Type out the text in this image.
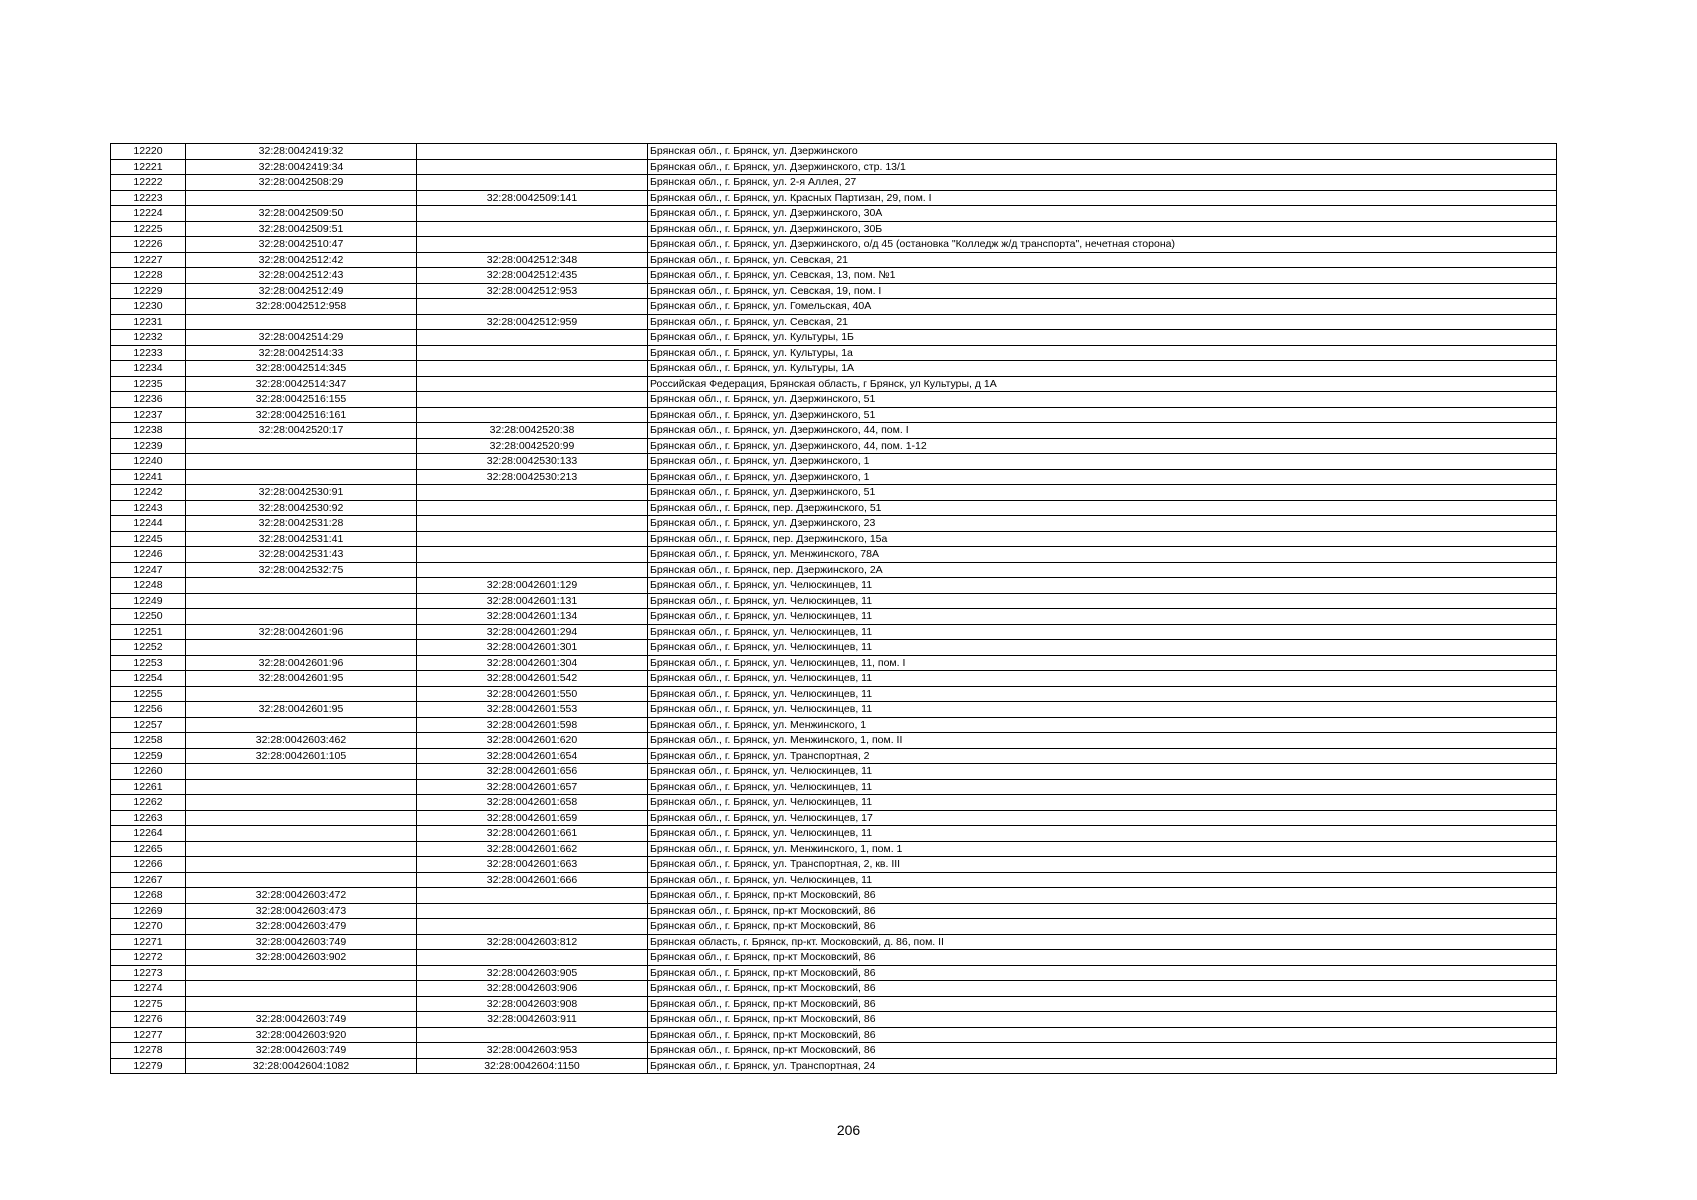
12220	32:28:0042419:32		Брянская обл., г. Брянск, ул. Дзержинского
12221	32:28:0042419:34		Брянская обл., г. Брянск, ул. Дзержинского, стр. 13/1
12222	32:28:0042508:29		Брянская обл., г. Брянск, ул. 2-я Аллея, 27
12223		32:28:0042509:141	Брянская обл., г. Брянск, ул. Красных Партизан, 29, пом. I
12224	32:28:0042509:50		Брянская обл., г. Брянск, ул. Дзержинского, 30А
12225	32:28:0042509:51		Брянская обл., г. Брянск, ул. Дзержинского, 30Б
12226	32:28:0042510:47		Брянская обл., г. Брянск, ул. Дзержинского, о/д 45 (остановка "Колледж ж/д транспорта", нечетная сторона)
12227	32:28:0042512:42	32:28:0042512:348	Брянская обл., г. Брянск, ул. Севская, 21
12228	32:28:0042512:43	32:28:0042512:435	Брянская обл., г. Брянск, ул. Севская, 13, пом. №1
12229	32:28:0042512:49	32:28:0042512:953	Брянская обл., г. Брянск, ул. Севская, 19, пом. I
12230	32:28:0042512:958		Брянская обл., г. Брянск, ул. Гомельская, 40А
12231		32:28:0042512:959	Брянская обл., г. Брянск, ул. Севская, 21
12232	32:28:0042514:29		Брянская обл., г. Брянск, ул. Культуры, 1Б
12233	32:28:0042514:33		Брянская обл., г. Брянск, ул. Культуры, 1а
12234	32:28:0042514:345		Брянская обл., г. Брянск, ул. Культуры, 1А
12235	32:28:0042514:347		Российская Федерация, Брянская область, г Брянск, ул Культуры, д 1А
12236	32:28:0042516:155		Брянская обл., г. Брянск, ул. Дзержинского, 51
12237	32:28:0042516:161		Брянская обл., г. Брянск, ул. Дзержинского, 51
12238	32:28:0042520:17	32:28:0042520:38	Брянская обл., г. Брянск, ул. Дзержинского, 44, пом. I
12239		32:28:0042520:99	Брянская обл., г. Брянск, ул. Дзержинского, 44, пом. 1-12
12240		32:28:0042530:133	Брянская обл., г. Брянск, ул. Дзержинского, 1
12241		32:28:0042530:213	Брянская обл., г. Брянск, ул. Дзержинского, 1
12242	32:28:0042530:91		Брянская обл., г. Брянск, ул. Дзержинского, 51
12243	32:28:0042530:92		Брянская обл., г. Брянск, пер. Дзержинского, 51
12244	32:28:0042531:28		Брянская обл., г. Брянск, ул. Дзержинского, 23
12245	32:28:0042531:41		Брянская обл., г. Брянск, пер. Дзержинского, 15а
12246	32:28:0042531:43		Брянская обл., г. Брянск, ул. Менжинского, 78А
12247	32:28:0042532:75		Брянская обл., г. Брянск, пер. Дзержинского, 2А
12248		32:28:0042601:129	Брянская обл., г. Брянск, ул. Челюскинцев, 11
12249		32:28:0042601:131	Брянская обл., г. Брянск, ул. Челюскинцев, 11
12250		32:28:0042601:134	Брянская обл., г. Брянск, ул. Челюскинцев, 11
12251	32:28:0042601:96	32:28:0042601:294	Брянская обл., г. Брянск, ул. Челюскинцев, 11
12252		32:28:0042601:301	Брянская обл., г. Брянск, ул. Челюскинцев, 11
12253	32:28:0042601:96	32:28:0042601:304	Брянская обл., г. Брянск, ул. Челюскинцев, 11, пом. I
12254	32:28:0042601:95	32:28:0042601:542	Брянская обл., г. Брянск, ул. Челюскинцев, 11
12255		32:28:0042601:550	Брянская обл., г. Брянск, ул. Челюскинцев, 11
12256	32:28:0042601:95	32:28:0042601:553	Брянская обл., г. Брянск, ул. Челюскинцев, 11
12257		32:28:0042601:598	Брянская обл., г. Брянск, ул. Менжинского, 1
12258	32:28:0042603:462	32:28:0042601:620	Брянская обл., г. Брянск, ул. Менжинского, 1, пом. II
12259	32:28:0042601:105	32:28:0042601:654	Брянская обл., г. Брянск, ул. Транспортная, 2
12260		32:28:0042601:656	Брянская обл., г. Брянск, ул. Челюскинцев, 11
12261		32:28:0042601:657	Брянская обл., г. Брянск, ул. Челюскинцев, 11
12262		32:28:0042601:658	Брянская обл., г. Брянск, ул. Челюскинцев, 11
12263		32:28:0042601:659	Брянская обл., г. Брянск, ул. Челюскинцев, 17
12264		32:28:0042601:661	Брянская обл., г. Брянск, ул. Челюскинцев, 11
12265		32:28:0042601:662	Брянская обл., г. Брянск, ул. Менжинского, 1, пом. 1
12266		32:28:0042601:663	Брянская обл., г. Брянск, ул. Транспортная, 2, кв. III
12267		32:28:0042601:666	Брянская обл., г. Брянск, ул. Челюскинцев, 11
12268	32:28:0042603:472		Брянская обл., г. Брянск, пр-кт Московский, 86
12269	32:28:0042603:473		Брянская обл., г. Брянск, пр-кт Московский, 86
12270	32:28:0042603:479		Брянская обл., г. Брянск, пр-кт Московский, 86
12271	32:28:0042603:749	32:28:0042603:812	Брянская область, г. Брянск, пр-кт. Московский, д. 86, пом. II
12272	32:28:0042603:902		Брянская обл., г. Брянск, пр-кт Московский, 86
12273		32:28:0042603:905	Брянская обл., г. Брянск, пр-кт Московский, 86
12274		32:28:0042603:906	Брянская обл., г. Брянск, пр-кт Московский, 86
12275		32:28:0042603:908	Брянская обл., г. Брянск, пр-кт Московский, 86
12276	32:28:0042603:749	32:28:0042603:911	Брянская обл., г. Брянск, пр-кт Московский, 86
12277	32:28:0042603:920		Брянская обл., г. Брянск, пр-кт Московский, 86
12278	32:28:0042603:749	32:28:0042603:953	Брянская обл., г. Брянск, пр-кт Московский, 86
12279	32:28:0042604:1082	32:28:0042604:1150	Брянская обл., г. Брянск, ул. Транспортная, 24
206
